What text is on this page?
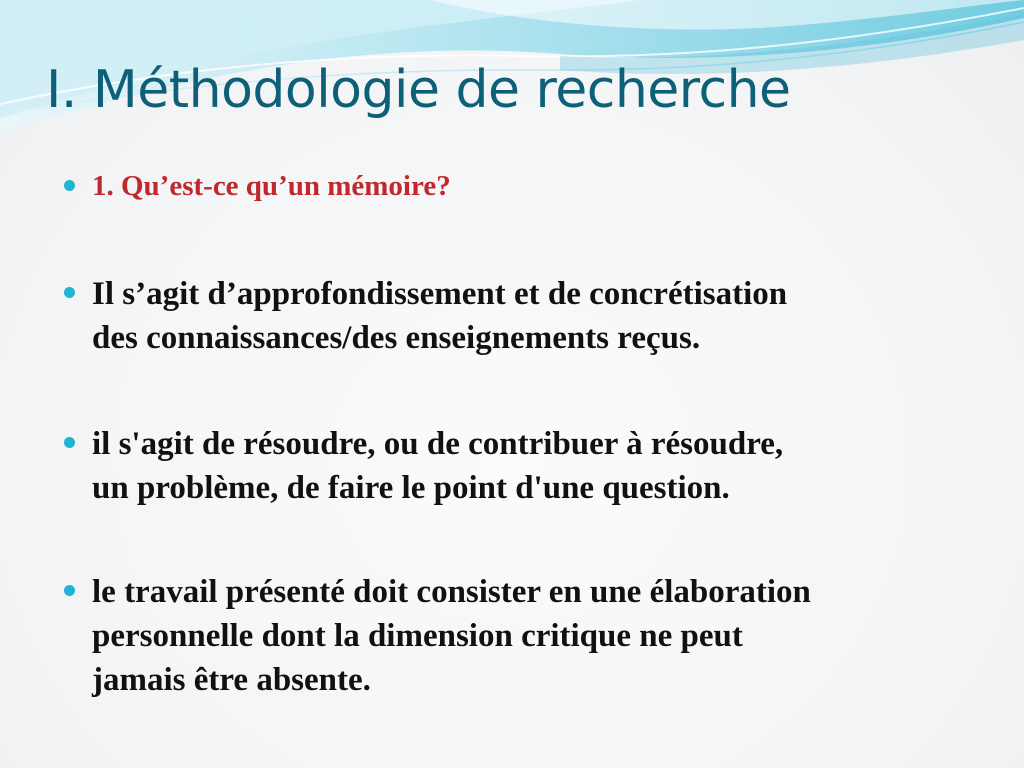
I. Méthodologie de recherche
1. Qu’est-ce qu’un mémoire?
Il s’agit d’approfondissement et de concrétisation
des connaissances/des enseignements reçus.
il s'agit de résoudre, ou de contribuer à résoudre,
un problème, de faire le point d'une question.
le travail présenté doit consister en une élaboration
personnelle dont la dimension critique ne peut
jamais être absente.
